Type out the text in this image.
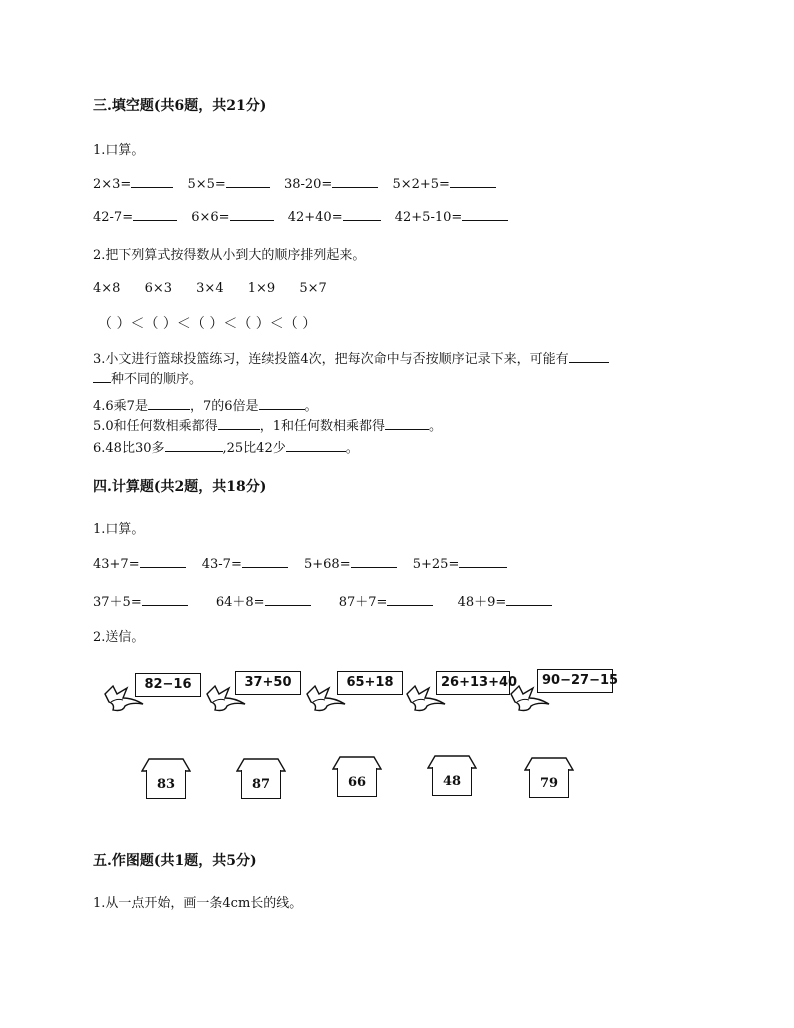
三.填空题(共6题，共21分)
1.口算。
2×3=	5×5=	38-20=	5×2+5=
42-7=	6×6=	42+40=	42+5-10=
2.把下列算式按得数从小到大的顺序排列起来。
4×8 6×3 3×4 1×9 5×7
（ ）＜（ ）＜（ ）＜（ ）＜（ ）
3.小文进行篮球投篮练习，连续投篮4次，把每次命中与否按顺序记录下来，可能有
种不同的顺序。
4.6乘7是	，7的6倍是	。
5.0和任何数相乘都得	，1和任何数相乘都得	。
6.48比30多	,25比42少	。
四.计算题(共2题，共18分)
1.口算。
43+7=	43-7=	5+68=	5+25=
37＋5=	64＋8=	87＋7=	48＋9=
2.送信。
82−16	37+50	65+18	26+13+40	90−27−15
83	87	66	48	79
五.作图题(共1题，共5分)
1.从一点开始，画一条4cm长的线。
